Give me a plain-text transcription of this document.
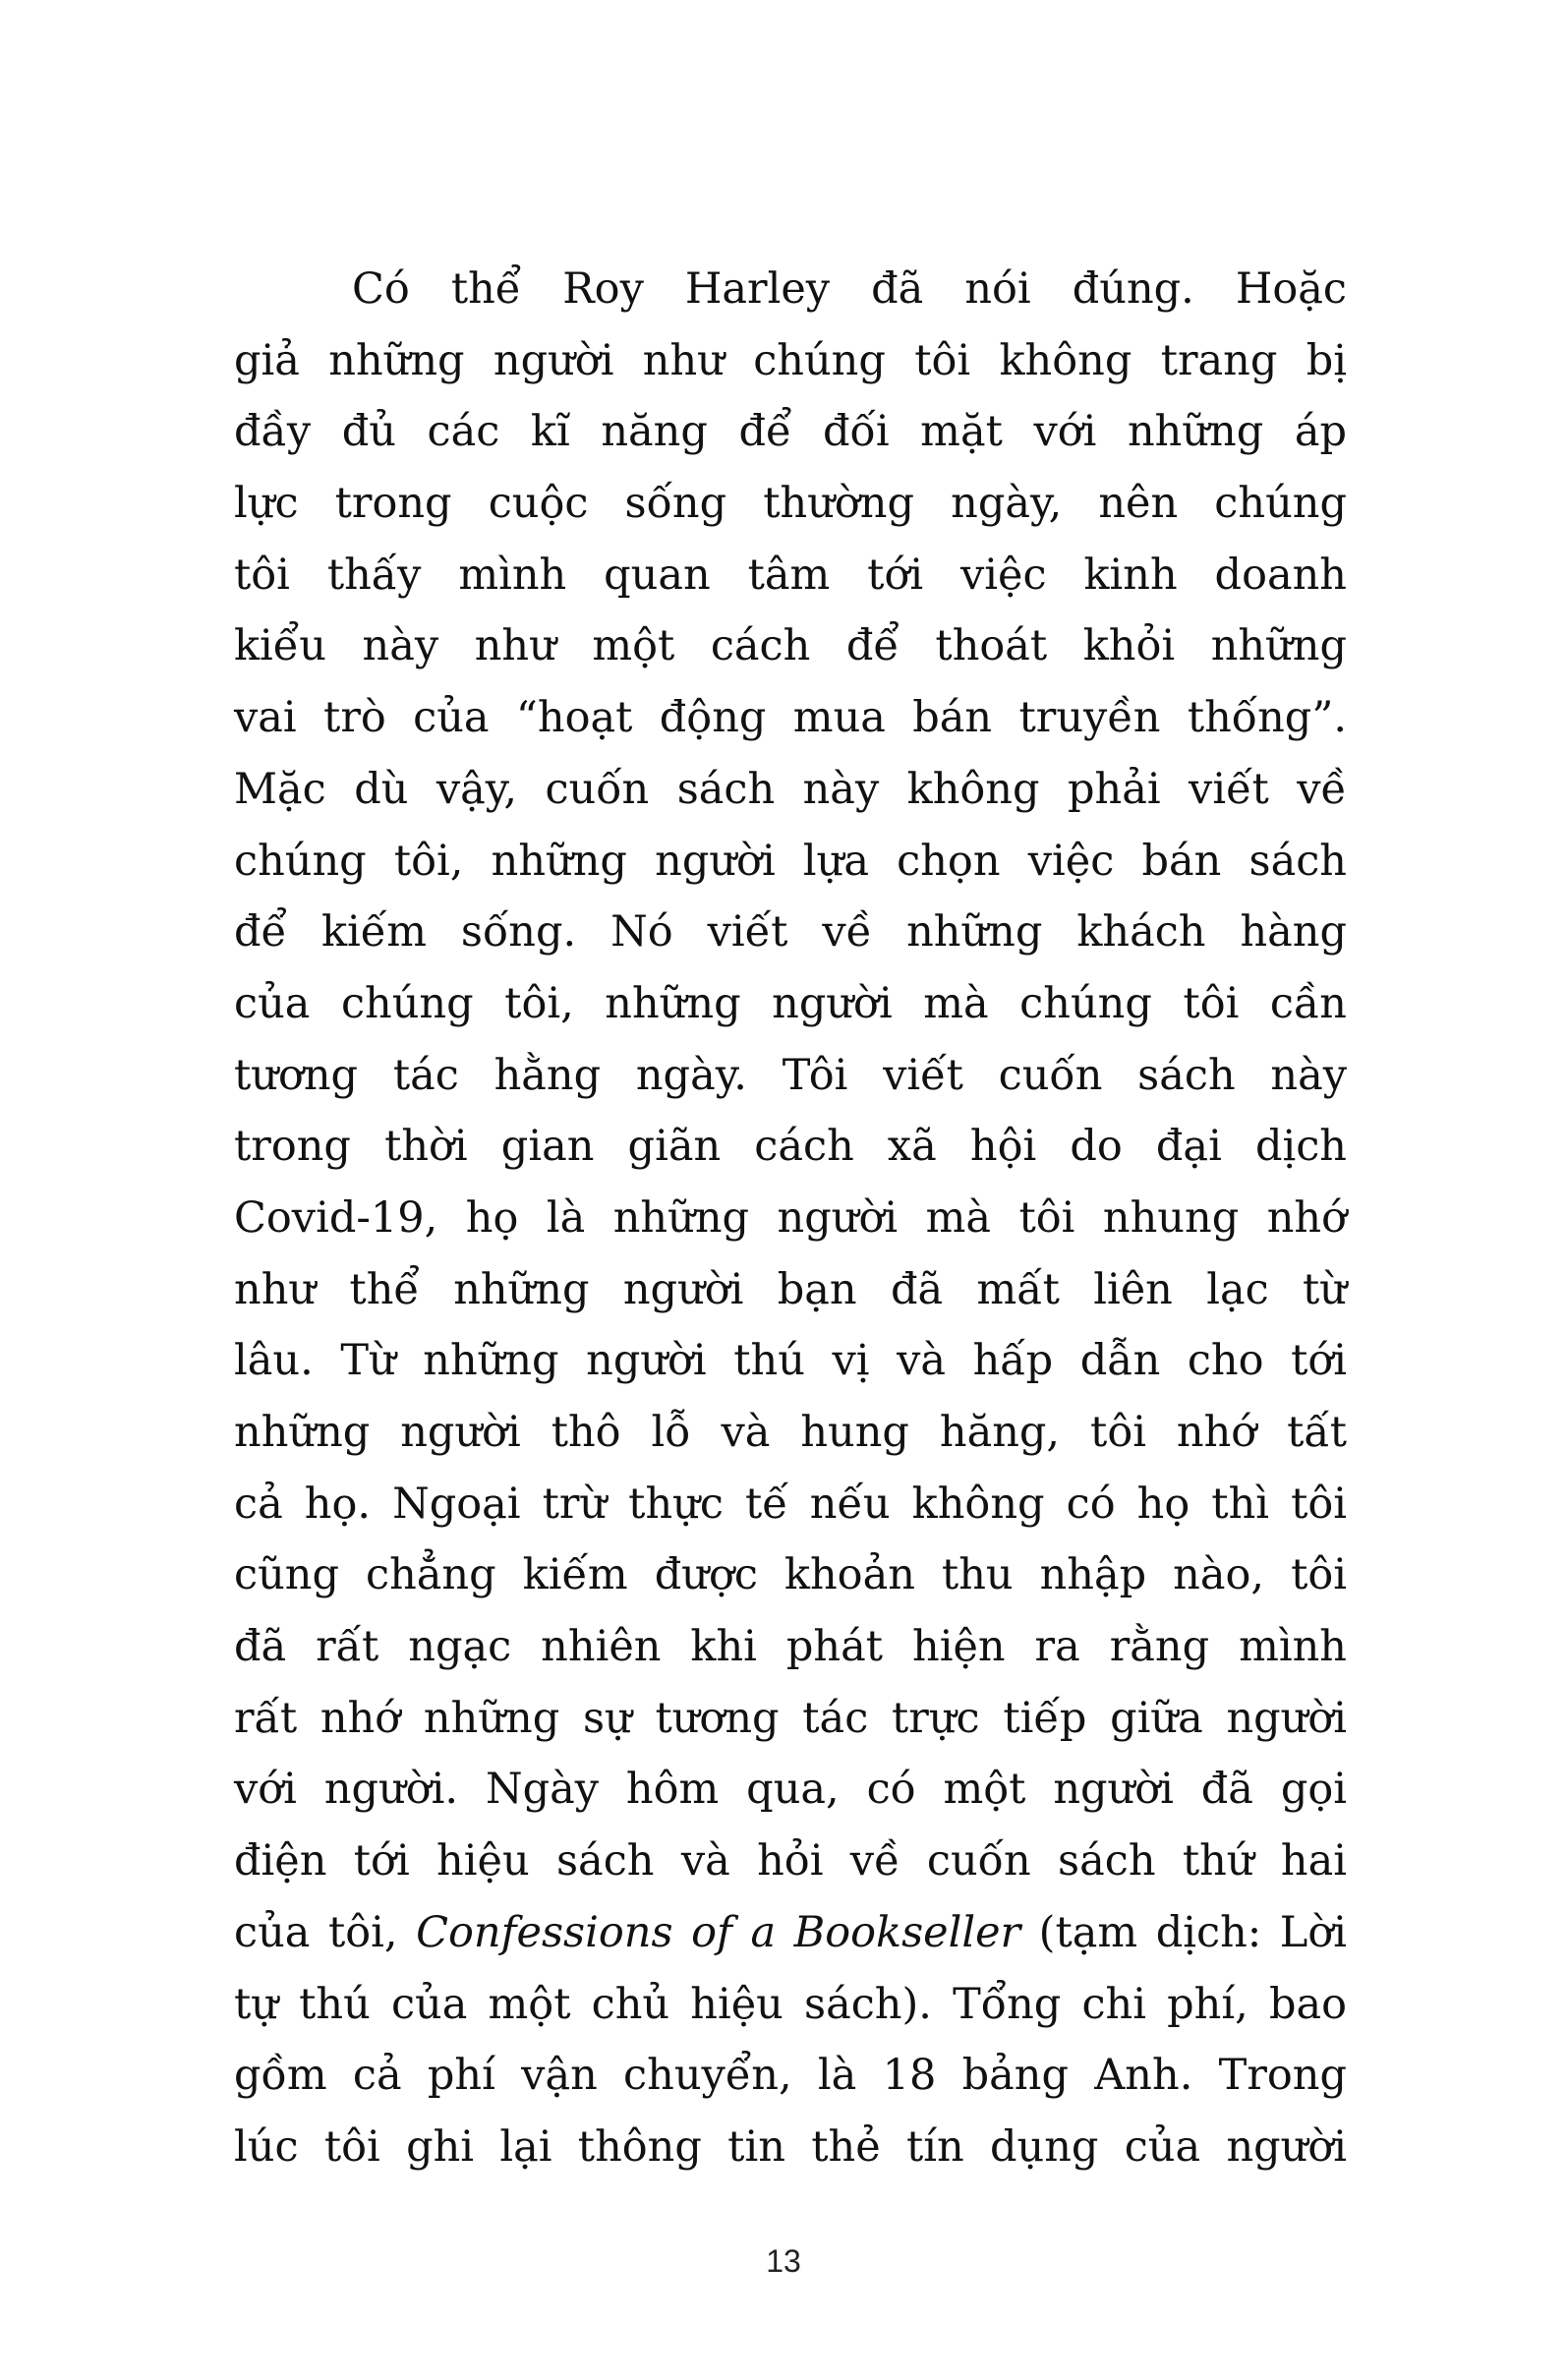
Có thể Roy Harley đã nói đúng. Hoặc
giả những người như chúng tôi không trang bị
đầy đủ các kĩ năng để đối mặt với những áp
lực trong cuộc sống thường ngày, nên chúng
tôi thấy mình quan tâm tới việc kinh doanh
kiểu này như một cách để thoát khỏi những
vai trò của “hoạt động mua bán truyền thống”.
Mặc dù vậy, cuốn sách này không phải viết về
chúng tôi, những người lựa chọn việc bán sách
để kiếm sống. Nó viết về những khách hàng
của chúng tôi, những người mà chúng tôi cần
tương tác hằng ngày. Tôi viết cuốn sách này
trong thời gian giãn cách xã hội do đại dịch
Covid-19, họ là những người mà tôi nhung nhớ
như thể những người bạn đã mất liên lạc từ
lâu. Từ những người thú vị và hấp dẫn cho tới
những người thô lỗ và hung hăng, tôi nhớ tất
cả họ. Ngoại trừ thực tế nếu không có họ thì tôi
cũng chẳng kiếm được khoản thu nhập nào, tôi
đã rất ngạc nhiên khi phát hiện ra rằng mình
rất nhớ những sự tương tác trực tiếp giữa người
với người. Ngày hôm qua, có một người đã gọi
điện tới hiệu sách và hỏi về cuốn sách thứ hai
của tôi, Confessions of a Bookseller (tạm dịch: Lời
tự thú của một chủ hiệu sách). Tổng chi phí, bao
gồm cả phí vận chuyển, là 18 bảng Anh. Trong
lúc tôi ghi lại thông tin thẻ tín dụng của người
13
